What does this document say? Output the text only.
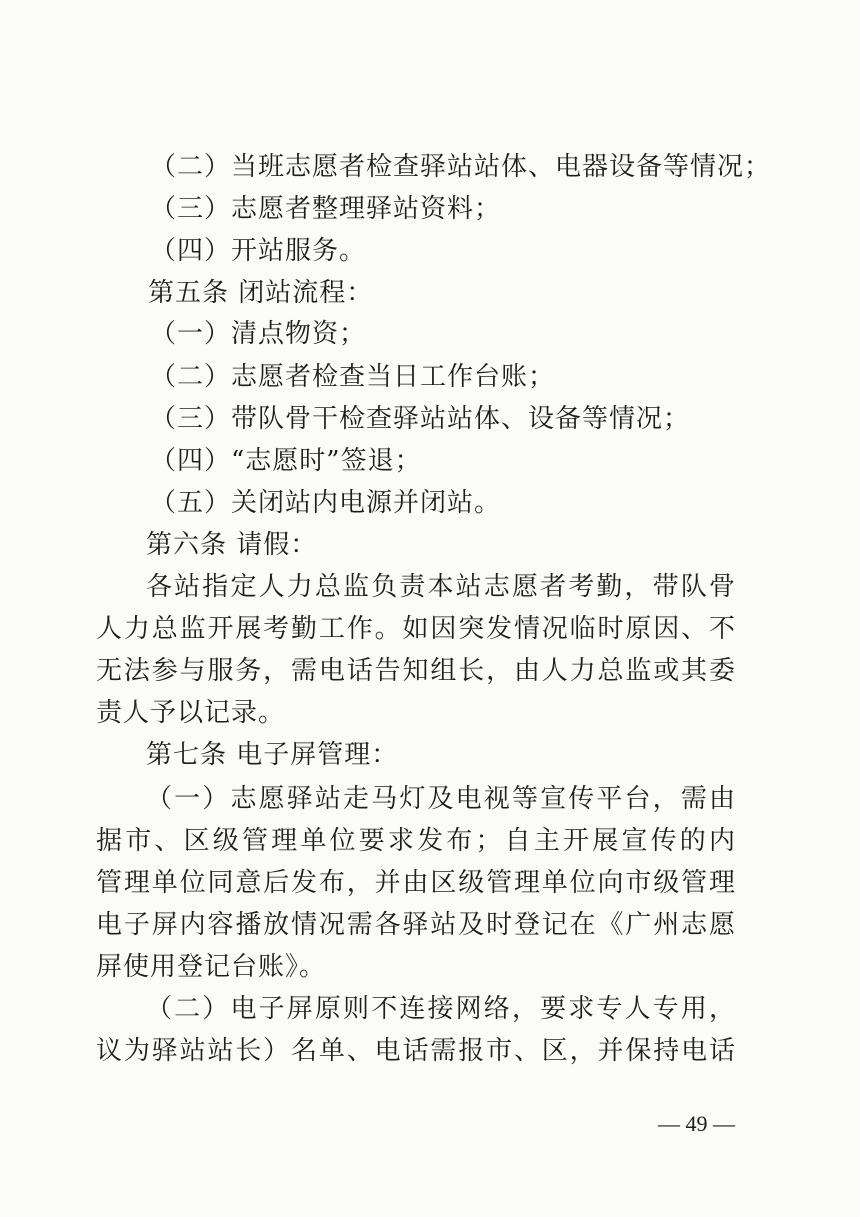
（二）当班志愿者检查驿站站体、电器设备等情况；
（三）志愿者整理驿站资料；
（四）开站服务。
第五条 闭站流程：
（一）清点物资；
（二）志愿者检查当日工作台账；
（三）带队骨干检查驿站站体、设备等情况；
（四）“志愿时”签退；
（五）关闭站内电源并闭站。
第六条 请假：
各站指定人力总监负责本站志愿者考勤，带队骨
人力总监开展考勤工作。如因突发情况临时原因、不
无法参与服务，需电话告知组长，由人力总监或其委
责人予以记录。
第七条 电子屏管理：
（一）志愿驿站走马灯及电视等宣传平台，需由
据市、区级管理单位要求发布；自主开展宣传的内
管理单位同意后发布，并由区级管理单位向市级管理
电子屏内容播放情况需各驿站及时登记在《广州志愿
屏使用登记台账》。
（二）电子屏原则不连接网络，要求专人专用，
议为驿站站长）名单、电话需报市、区，并保持电话
— 49 —
